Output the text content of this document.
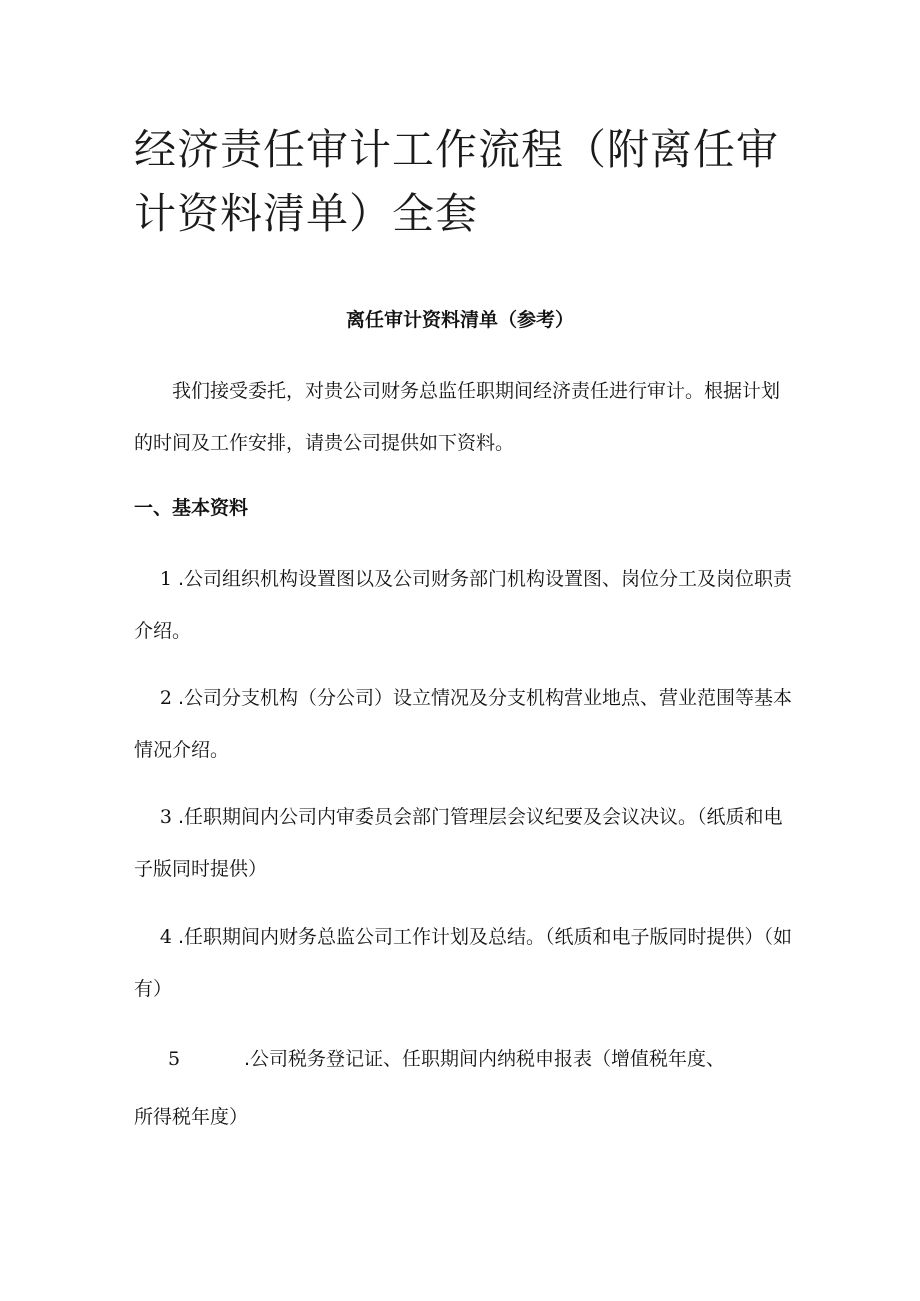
经济责任审计工作流程（附离任审计资料清单）全套
离任审计资料清单（参考）

我们接受委托，对贵公司财务总监任职期间经济责任进行审计。根据计划的时间及工作安排，请贵公司提供如下资料。

一、基本资料

1 .公司组织机构设置图以及公司财务部门机构设置图、岗位分工及岗位职责介绍。

2 .公司分支机构（分公司）设立情况及分支机构营业地点、营业范围等基本情况介绍。

3 .任职期间内公司内审委员会部门管理层会议纪要及会议决议。（纸质和电子版同时提供）

4 .任职期间内财务总监公司工作计划及总结。（纸质和电子版同时提供）（如有）

5	.公司税务登记证、任职期间内纳税申报表（增值税年度、
所得税年度）
